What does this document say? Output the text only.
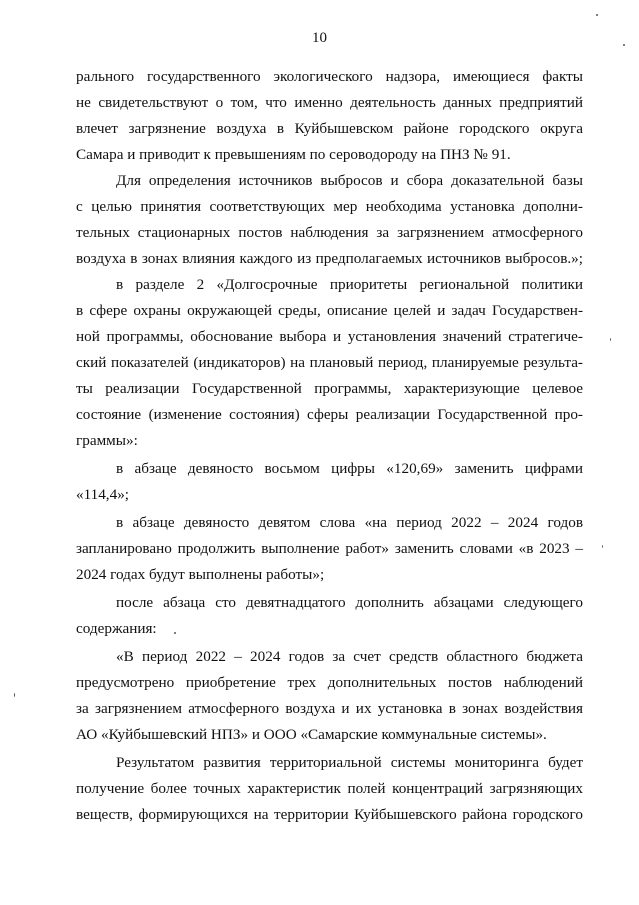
10
рального государственного экологического надзора, имеющиеся факты
не свидетельствуют о том, что именно деятельность данных предприятий
влечет загрязнение воздуха в Куйбышевском районе городского округа
Самара и приводит к превышениям по сероводороду на ПНЗ № 91.
Для определения источников выбросов и сбора доказательной базы
с целью принятия соответствующих мер необходима установка дополни-
тельных стационарных постов наблюдения за загрязнением атмосферного
воздуха в зонах влияния каждого из предполагаемых источников выбросов.»;
в разделе 2 «Долгосрочные приоритеты региональной политики
в сфере охраны окружающей среды, описание целей и задач Государствен-
ной программы, обоснование выбора и установления значений стратегиче-
ский показателей (индикаторов) на плановый период, планируемые результа-
ты реализации Государственной программы, характеризующие целевое
состояние (изменение состояния) сферы реализации Государственной про-
граммы»:
в абзаце девяносто восьмом цифры «120,69» заменить цифрами
«114,4»;
в абзаце девяносто девятом слова «на период 2022 – 2024 годов
запланировано продолжить выполнение работ» заменить словами «в 2023 –
2024 годах будут выполнены работы»;
после абзаца сто девятнадцатого дополнить абзацами следующего
содержания:
«В период 2022 – 2024 годов за счет средств областного бюджета
предусмотрено приобретение трех дополнительных постов наблюдений
за загрязнением атмосферного воздуха и их установка в зонах воздействия
АО «Куйбышевский НПЗ» и ООО «Самарские коммунальные системы».
Результатом развития территориальной системы мониторинга будет
получение более точных характеристик полей концентраций загрязняющих
веществ, формирующихся на территории Куйбышевского района городского
